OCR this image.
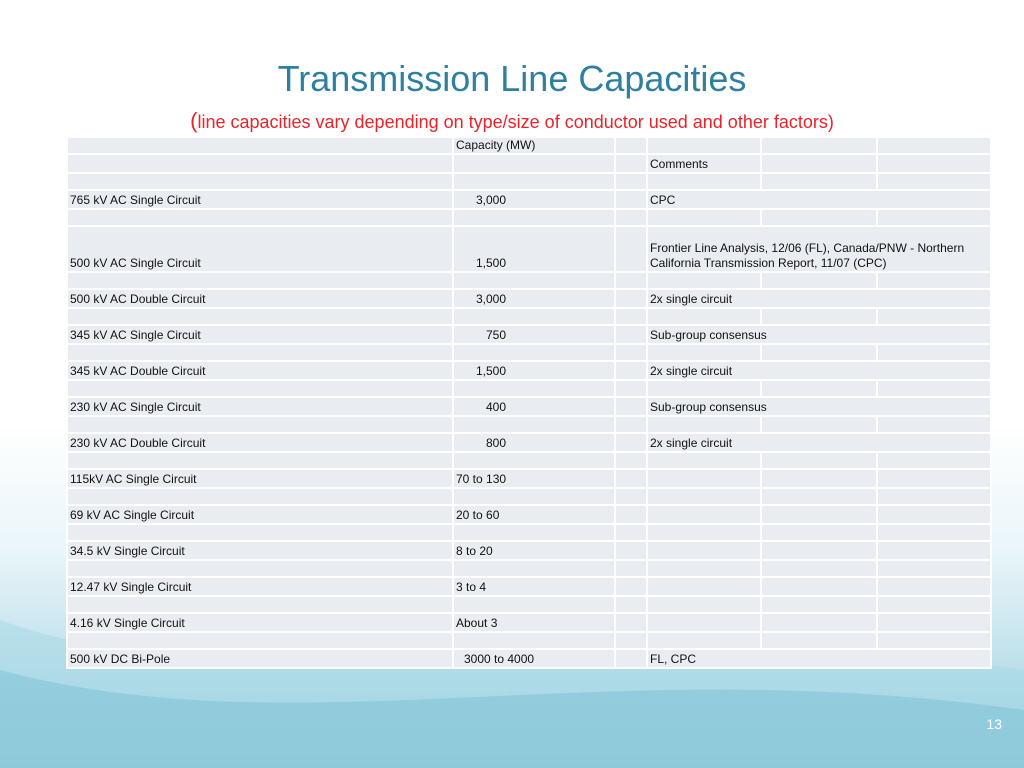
Transmission Line Capacities

(line capacities vary depending on type/size of conductor used and other factors)

	Capacity (MW)				
			Comments		

765 kV AC Single Circuit	3,000		CPC		

500 kV AC Single Circuit	1,500		Frontier Line Analysis, 12/06 (FL), Canada/PNW - Northern California Transmission Report, 11/07 (CPC)		

500 kV AC Double Circuit	3,000		2x single circuit		

345 kV AC Single Circuit	750		Sub-group consensus		

345 kV AC Double Circuit	1,500		2x single circuit		

230 kV AC Single Circuit	400		Sub-group consensus		

230 kV AC Double Circuit	800		2x single circuit		

115kV AC Single Circuit	70 to 130				

69 kV AC Single Circuit	20 to 60				

34.5 kV Single Circuit	8 to 20				

12.47 kV Single Circuit	3 to 4				

4.16 kV Single Circuit	About 3				

500 kV DC Bi-Pole	3000 to 4000		FL, CPC		
13
